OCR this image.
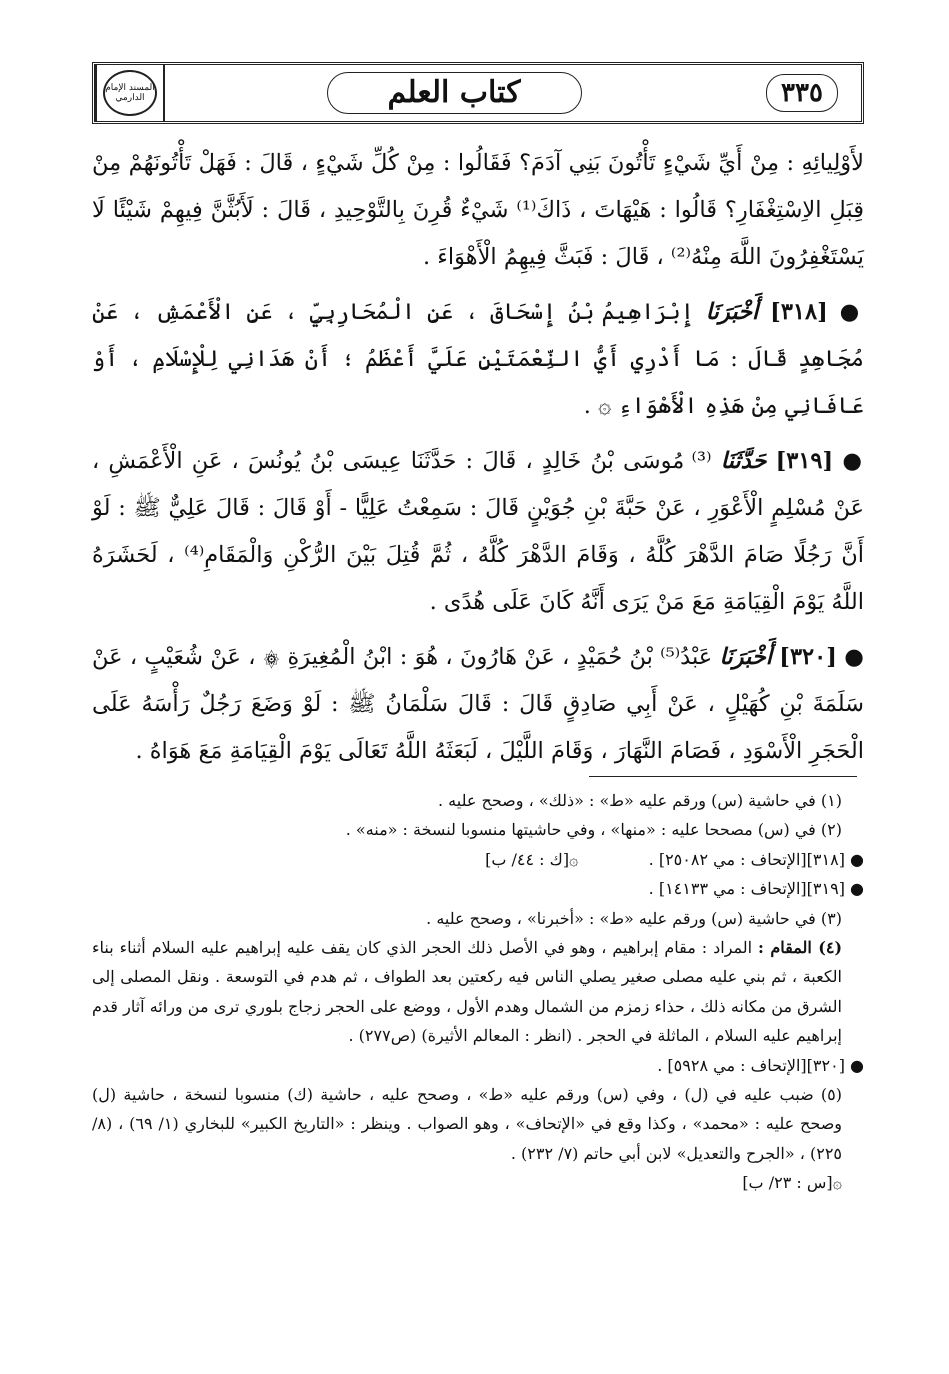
المسند الإمام الدارمي	كتاب العلم	٣٣٥

لأَوْلِيائِهِ : مِنْ أَيِّ شَيْءٍ تَأْتُونَ بَنِي آدَمَ؟ فَقَالُوا : مِنْ كُلِّ شَيْءٍ ، قَالَ : فَهَلْ تَأْتُونَهُمْ مِنْ قِبَلِ الاِسْتِغْفَارِ؟ قَالُوا : هَيْهَاتَ ، ذَاكَ⁽¹⁾ شَيْءٌ قُرِنَ بِالتَّوْحِيدِ ، قَالَ : لَأَبُثَّنَّ فِيهِمْ شَيْئًا لَا يَسْتَغْفِرُونَ اللَّهَ مِنْهُ⁽²⁾ ، قَالَ : فَبَثَّ فِيهِمُ الْأَهْوَاءَ .

● [٣١٨] أَخْبَرَنَا إِبْرَاهِيمُ بْنُ إِسْحَاقَ ، عَنِ الْمُحَارِبِيِّ ، عَنِ الْأَعْمَشِ ، عَنْ مُجَاهِدٍ قَالَ : مَا أَدْرِي أَيُّ النِّعْمَتَيْنِ عَلَيَّ أَعْظَمُ ؛ أَنْ هَدَانِي لِلْإِسْلَامِ ، أَوْ عَافَانِي مِنْ هَذِهِ الْأَهْوَاءِ ۞ .

● [٣١٩] حَدَّثَنَا ⁽³⁾ مُوسَى بْنُ خَالِدٍ ، قَالَ : حَدَّثَنَا عِيسَى بْنُ يُونُسَ ، عَنِ الْأَعْمَشِ ، عَنْ مُسْلِمٍ الْأَعْوَرِ ، عَنْ حَبَّةَ بْنِ جُوَيْنٍ قَالَ : سَمِعْتُ عَلِيًّا - أَوْ قَالَ : قَالَ عَلِيٌّ ﷺ : لَوْ أَنَّ رَجُلًا صَامَ الدَّهْرَ كُلَّهُ ، وَقَامَ الدَّهْرَ كُلَّهُ ، ثُمَّ قُتِلَ بَيْنَ الرُّكْنِ وَالْمَقَامِ⁽⁴⁾ ، لَحَشَرَهُ اللَّهُ يَوْمَ الْقِيَامَةِ مَعَ مَنْ يَرَى أَنَّهُ كَانَ عَلَى هُدًى .

● [٣٢٠] أَخْبَرَنَا عَبْدُ⁽⁵⁾ بْنُ حُمَيْدٍ ، عَنْ هَارُونَ ، هُوَ : ابْنُ الْمُغِيرَةِ ۞ ، عَنْ شُعَيْبٍ ، عَنْ سَلَمَةَ بْنِ كُهَيْلٍ ، عَنْ أَبِي صَادِقٍ قَالَ : قَالَ سَلْمَانُ ﷺ : لَوْ وَضَعَ رَجُلٌ رَأْسَهُ عَلَى الْحَجَرِ الْأَسْوَدِ ، فَصَامَ النَّهَارَ ، وَقَامَ اللَّيْلَ ، لَبَعَثَهُ اللَّهُ تَعَالَى يَوْمَ الْقِيَامَةِ مَعَ هَوَاهُ .

(١) في حاشية (س) ورقم عليه «ط» : «ذلك» ، وصحح عليه .

(٢) في (س) مصححا عليه : «منها» ، وفي حاشيتها منسوبا لنسخة : «منه» .

● [٣١٨][الإتحاف : مي ٢٥٠٨٢] .  ۞[ك : ٤٤/ ب]

● [٣١٩][الإتحاف : مي ١٤١٣٣] .

(٣) في حاشية (س) ورقم عليه «ط» : «أخبرنا» ، وصحح عليه .

(٤) المقام : المراد : مقام إبراهيم ، وهو في الأصل ذلك الحجر الذي كان يقف عليه إبراهيم عليه السلام أثناء بناء الكعبة ، ثم بني عليه مصلى صغير يصلي الناس فيه ركعتين بعد الطواف ، ثم هدم في التوسعة . ونقل المصلى إلى الشرق من مكانه ذلك ، حذاء زمزم من الشمال وهدم الأول ، ووضع على الحجر زجاج بلوري ترى من ورائه آثار قدم إبراهيم عليه السلام ، الماثلة في الحجر . (انظر : المعالم الأثيرة) (ص٢٧٧) .

● [٣٢٠][الإتحاف : مي ٥٩٢٨] .

(٥) ضبب عليه في (ل) ، وفي (س) ورقم عليه «ط» ، وصحح عليه ، حاشية (ك) منسوبا لنسخة ، حاشية (ل) وصحح عليه : «محمد» ، وكذا وقع في «الإتحاف» ، وهو الصواب . وينظر : «التاريخ الكبير» للبخاري (١/ ٦٩) ، (٨/ ٢٢٥) ، «الجرح والتعديل» لابن أبي حاتم (٧/ ٢٣٢) .

۞[س : ٢٣/ ب]
